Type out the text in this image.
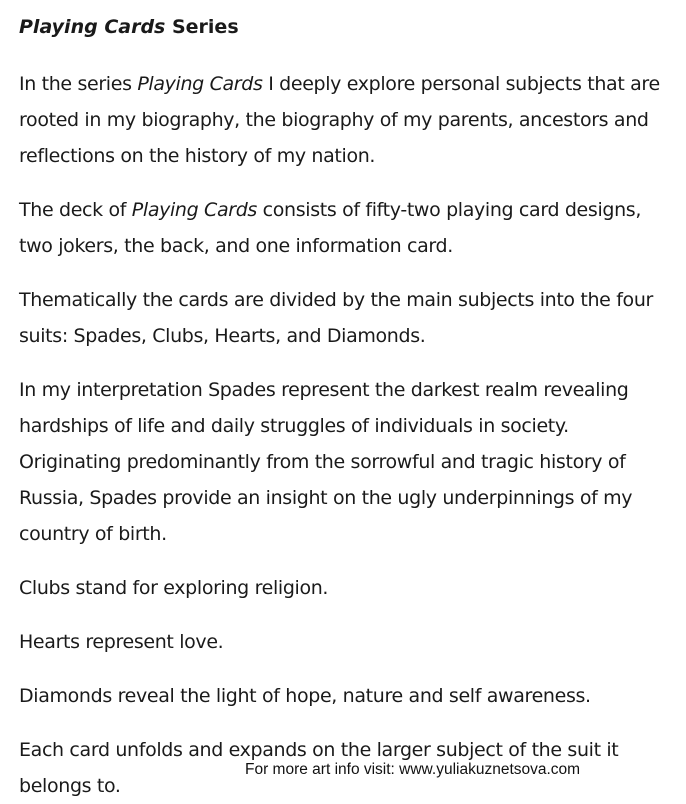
Playing Cards Series

In the series Playing Cards I deeply explore personal subjects that are rooted in my biography, the biography of my parents, ancestors and reflections on the history of my nation.

The deck of Playing Cards consists of fifty-two playing card designs, two jokers, the back, and one information card.

Thematically the cards are divided by the main subjects into the four suits: Spades, Clubs, Hearts, and Diamonds.

In my interpretation Spades represent the darkest realm revealing hardships of life and daily struggles of individuals in society. Originating predominantly from the sorrowful and tragic history of Russia, Spades provide an insight on the ugly underpinnings of my country of birth.

Clubs stand for exploring religion.

Hearts represent love.

Diamonds reveal the light of hope, nature and self awareness.

Each card unfolds and expands on the larger subject of the suit it belongs to.

For more art info visit: www.yuliakuznetsova.com
